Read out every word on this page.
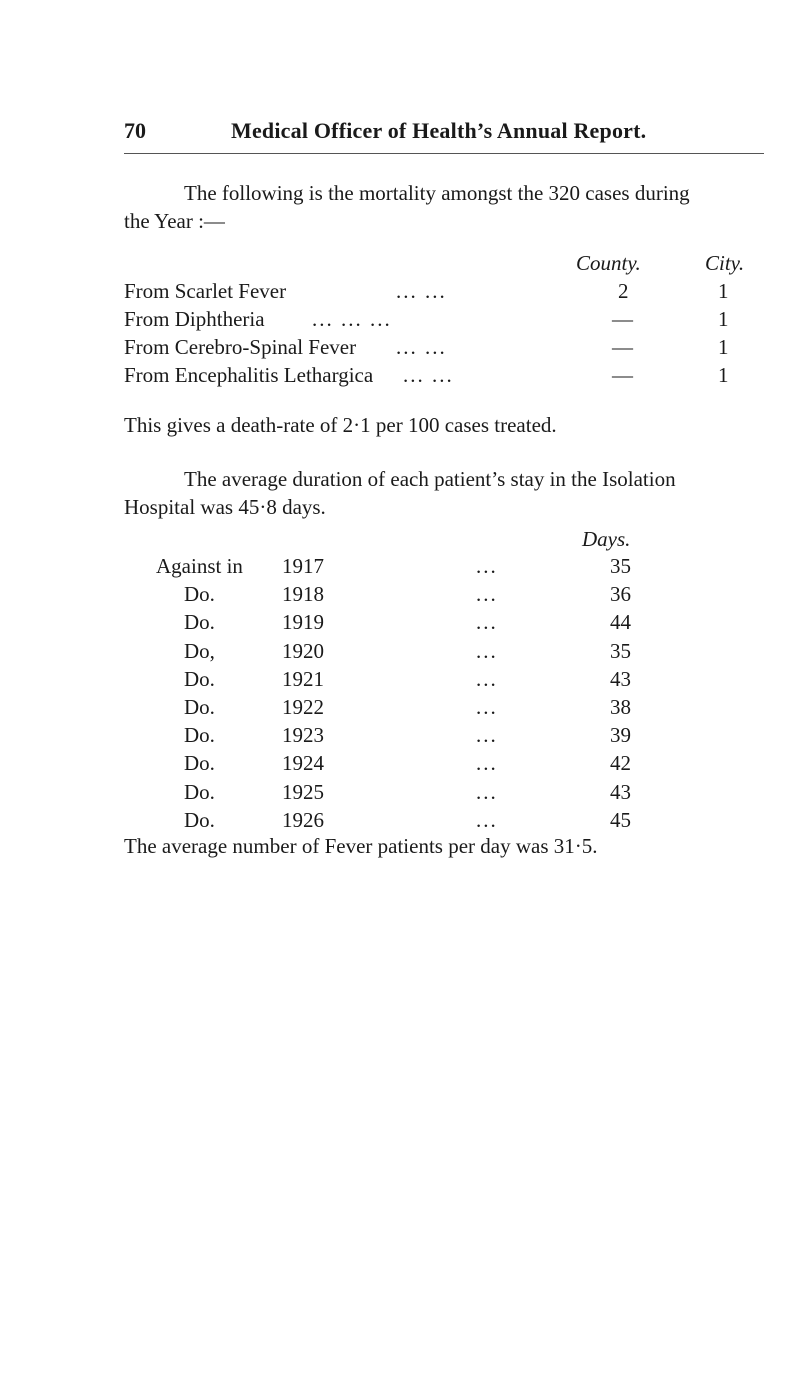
70	Medical Officer of Health’s Annual Report.
The following is the mortality amongst the 320 cases during
the Year :—
County.	City.
From Scarlet Fever	... ...	2	1
From Diphtheria ... ... ...	—	1
From Cerebro-Spinal Fever ... ...	—	1
From Encephalitis Lethargica ... ...	—	1
This gives a death-rate of 2·1 per 100 cases treated.
The average duration of each patient’s stay in the Isolation
Hospital was 45·8 days.
Days.
Against in 1917	...	35
Do.	1918	...	36
Do.	1919	...	44
Do,	1920	...	35
Do.	1921	...	43
Do.	1922	...	38
Do.	1923	...	39
Do.	1924	...	42
Do.	1925	...	43
Do.	1926	...	45
The average number of Fever patients per day was 31·5.
